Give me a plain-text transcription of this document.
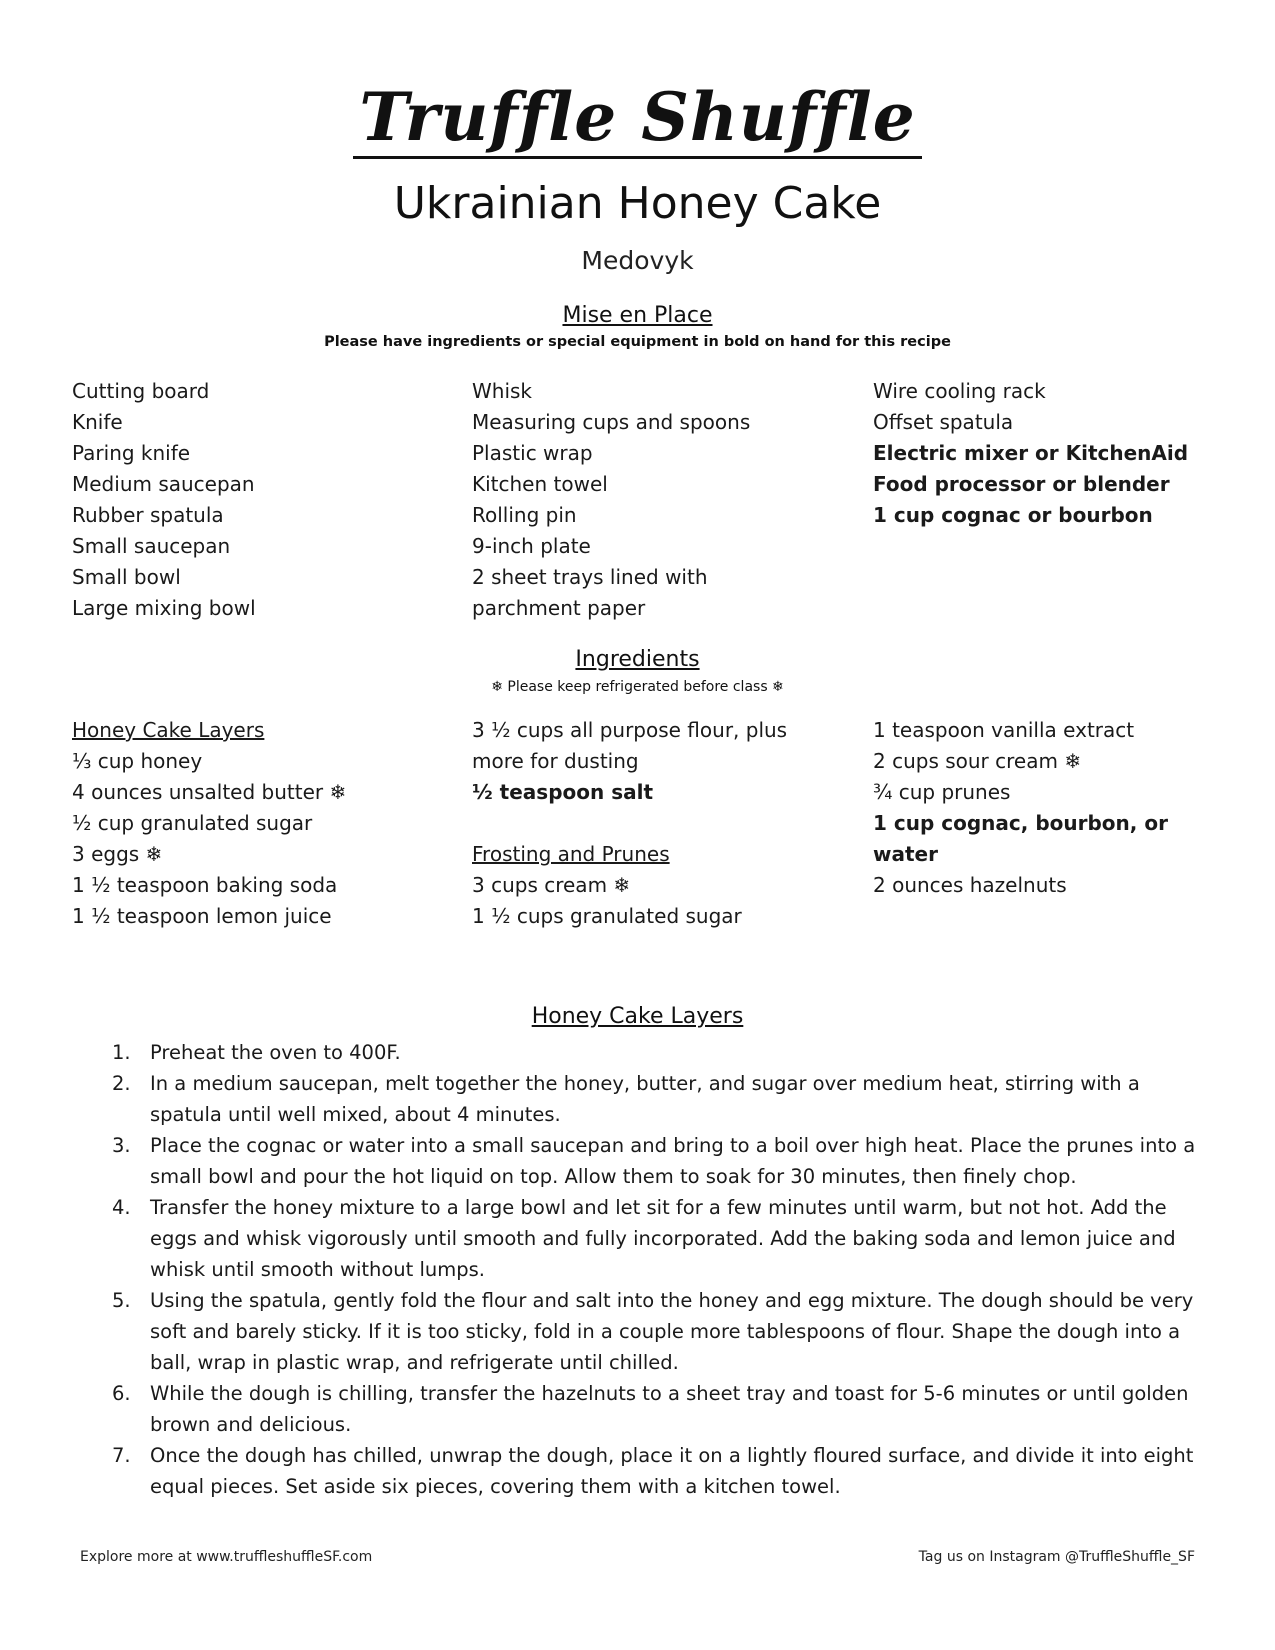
Truffle Shuffle
Ukrainian Honey Cake
Medovyk
Mise en Place
Please have ingredients or special equipment in bold on hand for this recipe
Cutting board
Knife
Paring knife
Medium saucepan
Rubber spatula
Small saucepan
Small bowl
Large mixing bowl
Whisk
Measuring cups and spoons
Plastic wrap
Kitchen towel
Rolling pin
9-inch plate
2 sheet trays lined with
parchment paper
Wire cooling rack
Offset spatula
Electric mixer or KitchenAid
Food processor or blender
1 cup cognac or bourbon
Ingredients
❄ Please keep refrigerated before class ❄
Honey Cake Layers
⅓ cup honey
4 ounces unsalted butter ❄
½ cup granulated sugar
3 eggs ❄
1 ½ teaspoon baking soda
1 ½ teaspoon lemon juice
3 ½ cups all purpose flour, plus
more for dusting
½ teaspoon salt
Frosting and Prunes
3 cups cream ❄
1 ½ cups granulated sugar
1 teaspoon vanilla extract
2 cups sour cream ❄
¾ cup prunes
1 cup cognac, bourbon, or
water
2 ounces hazelnuts
Honey Cake Layers
1. Preheat the oven to 400F.
2. In a medium saucepan, melt together the honey, butter, and sugar over medium heat, stirring with a spatula until well mixed, about 4 minutes.
3. Place the cognac or water into a small saucepan and bring to a boil over high heat. Place the prunes into a small bowl and pour the hot liquid on top. Allow them to soak for 30 minutes, then finely chop.
4. Transfer the honey mixture to a large bowl and let sit for a few minutes until warm, but not hot. Add the eggs and whisk vigorously until smooth and fully incorporated. Add the baking soda and lemon juice and whisk until smooth without lumps.
5. Using the spatula, gently fold the flour and salt into the honey and egg mixture. The dough should be very soft and barely sticky. If it is too sticky, fold in a couple more tablespoons of flour. Shape the dough into a ball, wrap in plastic wrap, and refrigerate until chilled.
6. While the dough is chilling, transfer the hazelnuts to a sheet tray and toast for 5-6 minutes or until golden brown and delicious.
7. Once the dough has chilled, unwrap the dough, place it on a lightly floured surface, and divide it into eight equal pieces. Set aside six pieces, covering them with a kitchen towel.
Explore more at www.truffleshuffleSF.com	Tag us on Instagram @TruffleShuffle_SF
